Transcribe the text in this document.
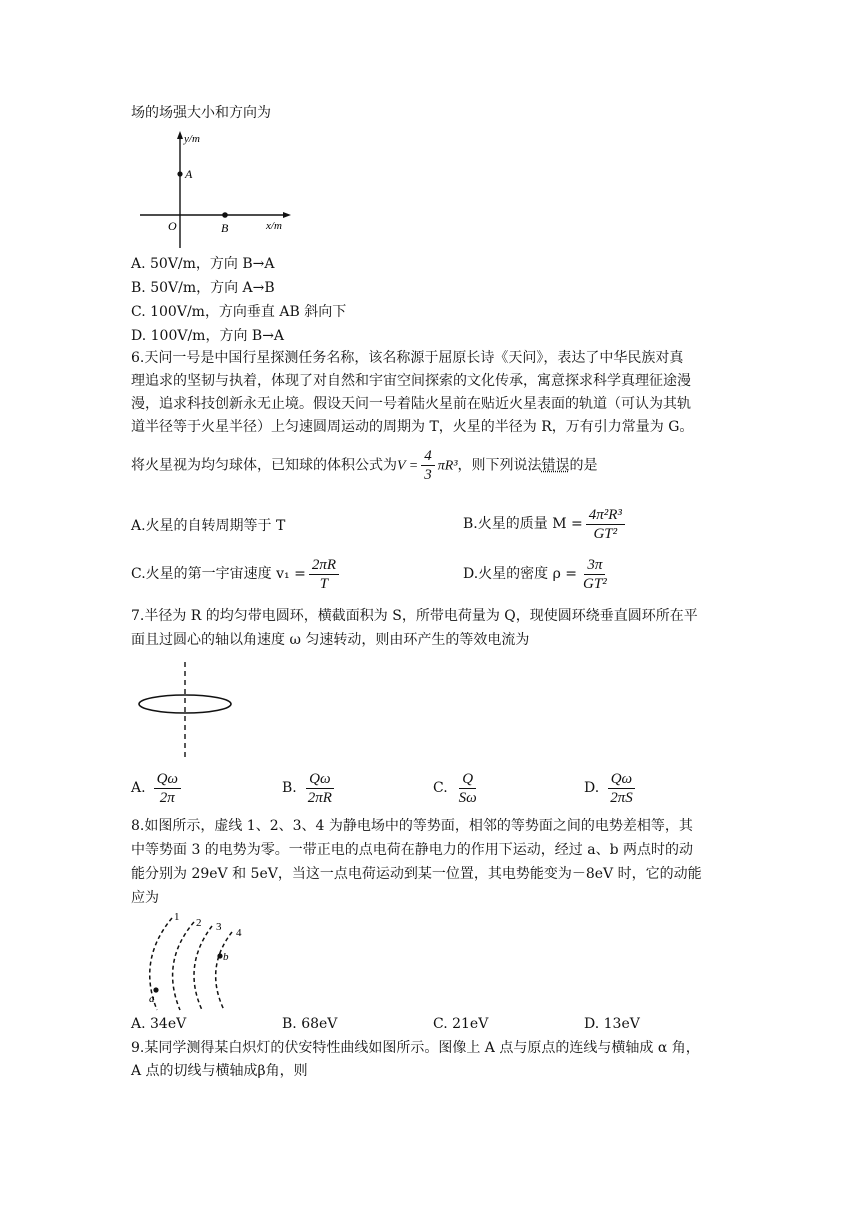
场的场强大小和方向为
y/m
x/m
O
A
B
A. 50V/m，方向 B→A
B. 50V/m，方向 A→B
C. 100V/m，方向垂直 AB 斜向下
D. 100V/m，方向 B→A
6.天问一号是中国行星探测任务名称，该名称源于屈原长诗《天问》，表达了中华民族对真
理追求的坚韧与执着，体现了对自然和宇宙空间探索的文化传承，寓意探求科学真理征途漫
漫，追求科技创新永无止境。假设天问一号着陆火星前在贴近火星表面的轨道（可认为其轨
道半径等于火星半径）上匀速圆周运动的周期为 T，火星的半径为 R，万有引力常量为 G。
将火星视为均匀球体，已知球的体积公式为$V = \frac{4}{3} \pi R^3$，则下列说法错误的是
A.火星的自转周期等于 T	B.火星的质量 $M = \frac{\text{4π²R³}}{\text{GT²}}$
C.火星的第一宇宙速度 $v_1 = \frac{2\pi R}{T}$	D.火星的密度 $\rho = \frac{3\pi}{\text{GT²}}$
7.半径为 R 的均匀带电圆环，横截面积为 S，所带电荷量为 Q，现使圆环绕垂直圆环所在平
面且过圆心的轴以角速度 ω 匀速转动，则由环产生的等效电流为
A. $\frac{Q\omega}{2\pi}$	B. $\frac{Q\omega}{2\pi R}$	C. $\frac{Q}{S\omega}$	D. $\frac{Q\omega}{2\pi S}$
8.如图所示，虚线 1、2、3、4 为静电场中的等势面，相邻的等势面之间的电势差相等，其
中等势面 3 的电势为零。一带正电的点电荷在静电力的作用下运动，经过 a、b 两点时的动
能分别为 29eV 和 5eV，当这一点电荷运动到某一位置，其电势能变为－8eV 时，它的动能
应为
1 2 3 4
a
b
A. 34eV	B. 68eV	C. 21eV	D. 13eV
9.某同学测得某白炽灯的伏安特性曲线如图所示。图像上 A 点与原点的连线与横轴成 α 角，
A 点的切线与横轴成β角，则
